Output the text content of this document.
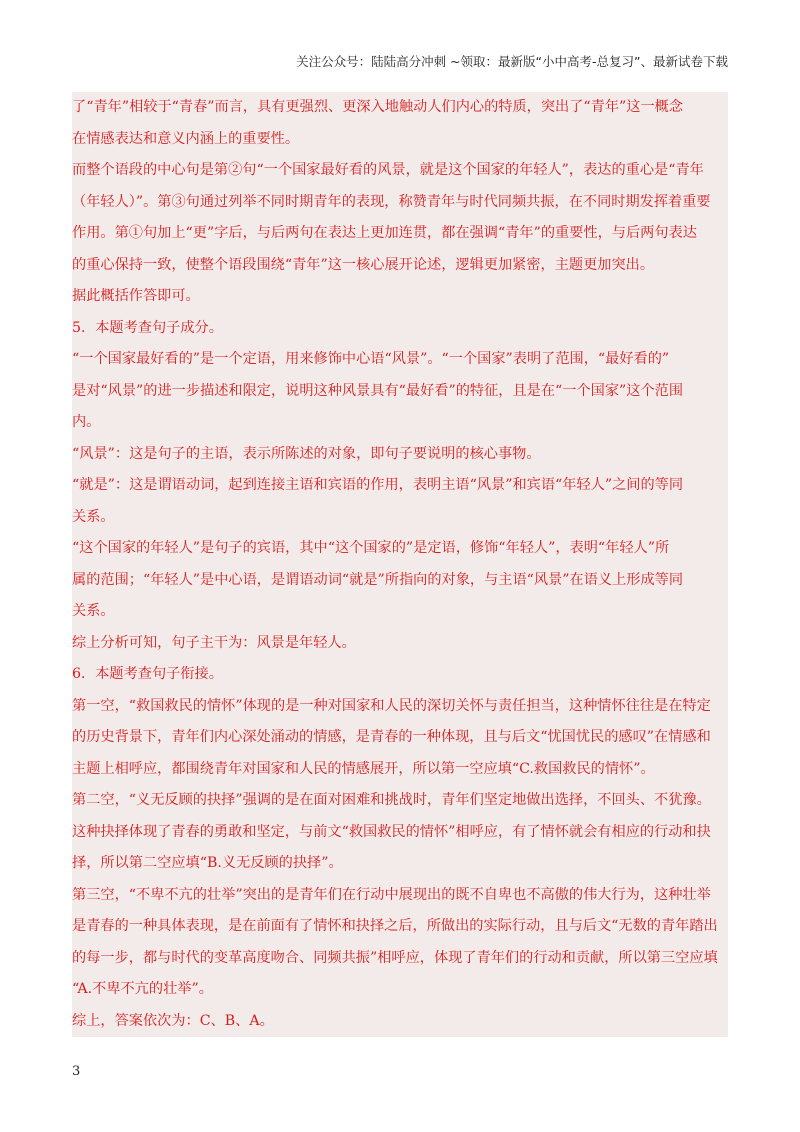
关注公众号：陆陆高分冲刺 ~领取：最新版“小中高考-总复习”、最新试卷下载
了“青年”相较于“青春”而言，具有更强烈、更深入地触动人们内心的特质，突出了“青年”这一概念
在情感表达和意义内涵上的重要性。
而整个语段的中心句是第②句“一个国家最好看的风景，就是这个国家的年轻人”，表达的重心是“青年
（年轻人）”。第③句通过列举不同时期青年的表现，称赞青年与时代同频共振，在不同时期发挥着重要
作用。第①句加上“更”字后，与后两句在表达上更加连贯，都在强调“青年”的重要性，与后两句表达
的重心保持一致，使整个语段围绕“青年”这一核心展开论述，逻辑更加紧密，主题更加突出。
据此概括作答即可。
5．本题考查句子成分。
“一个国家最好看的”是一个定语，用来修饰中心语“风景”。“一个国家”表明了范围，“最好看的”
是对“风景”的进一步描述和限定，说明这种风景具有“最好看”的特征，且是在“一个国家”这个范围
内。
“风景”：这是句子的主语，表示所陈述的对象，即句子要说明的核心事物。
“就是”：这是谓语动词，起到连接主语和宾语的作用，表明主语“风景”和宾语“年轻人”之间的等同
关系。
“这个国家的年轻人”是句子的宾语，其中“这个国家的”是定语，修饰“年轻人”，表明“年轻人”所
属的范围；“年轻人”是中心语，是谓语动词“就是”所指向的对象，与主语“风景”在语义上形成等同
关系。
综上分析可知，句子主干为：风景是年轻人。
6．本题考查句子衔接。
第一空，“救国救民的情怀”体现的是一种对国家和人民的深切关怀与责任担当，这种情怀往往是在特定
的历史背景下，青年们内心深处涌动的情感，是青春的一种体现，且与后文“忧国忧民的感叹”在情感和
主题上相呼应，都围绕青年对国家和人民的情感展开，所以第一空应填“C.救国救民的情怀”。
第二空，“义无反顾的抉择”强调的是在面对困难和挑战时，青年们坚定地做出选择，不回头、不犹豫。
这种抉择体现了青春的勇敢和坚定，与前文“救国救民的情怀”相呼应，有了情怀就会有相应的行动和抉
择，所以第二空应填“B.义无反顾的抉择”。
第三空，“不卑不亢的壮举”突出的是青年们在行动中展现出的既不自卑也不高傲的伟大行为，这种壮举
是青春的一种具体表现，是在前面有了情怀和抉择之后，所做出的实际行动，且与后文“无数的青年踏出
的每一步，都与时代的变革高度吻合、同频共振”相呼应，体现了青年们的行动和贡献，所以第三空应填
“A.不卑不亢的壮举”。
综上，答案依次为：C、B、A。
3
